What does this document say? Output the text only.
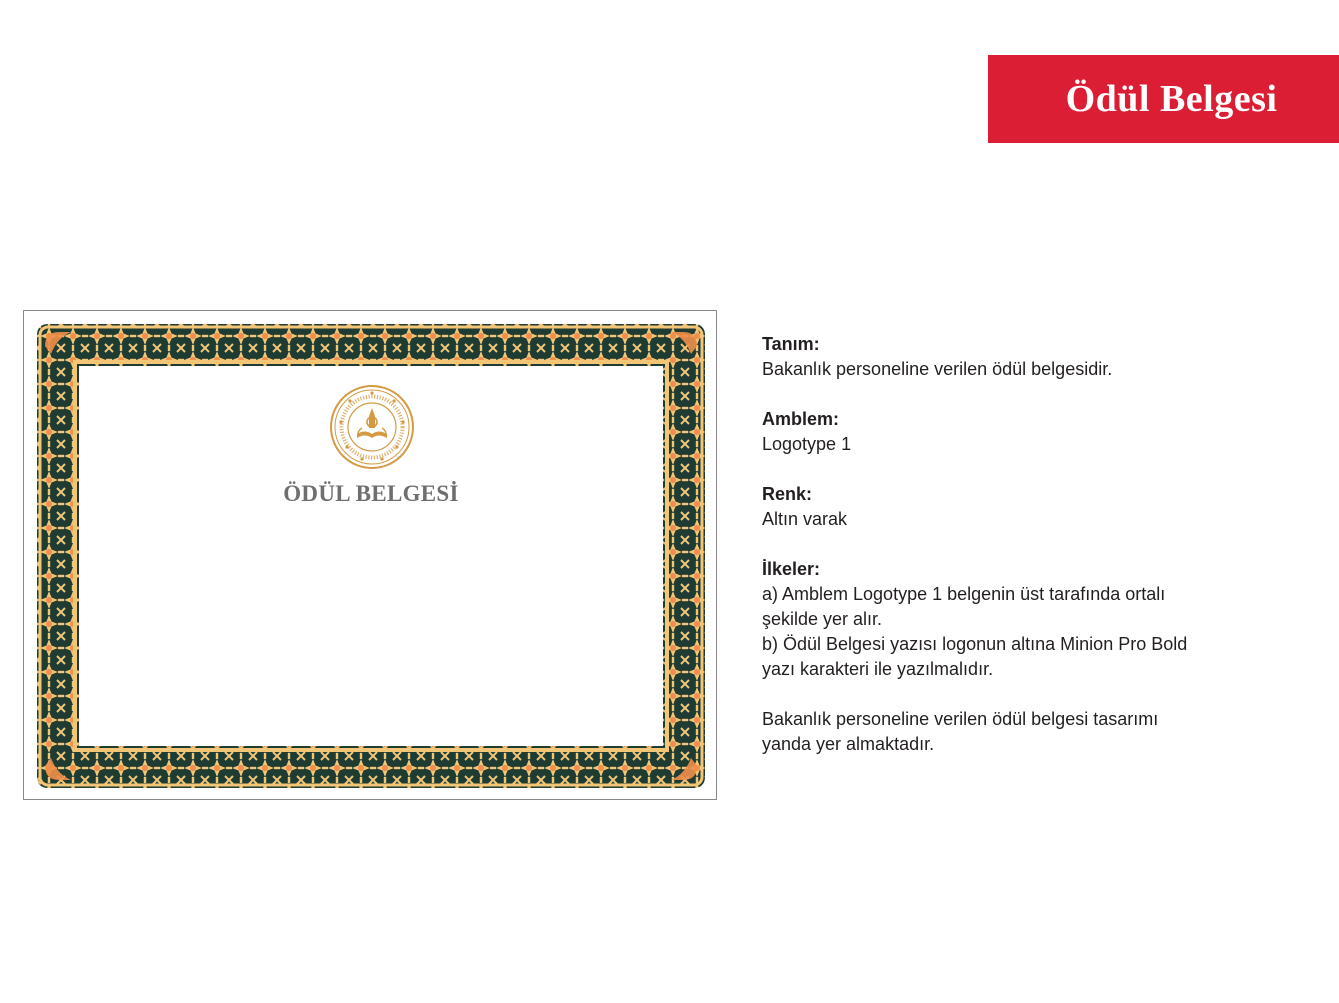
Ödül Belgesi
ÖDÜL BELGESİ

Tanım:

Bakanlık personeline verilen ödül belgesidir.

Amblem:

Logotype 1

Renk:

Altın varak

İlkeler:

a) Amblem Logotype 1 belgenin üst tarafında ortalı

şekilde yer alır.

b) Ödül Belgesi yazısı logonun altına Minion Pro Bold

yazı karakteri ile yazılmalıdır.

Bakanlık personeline verilen ödül belgesi tasarımı

yanda yer almaktadır.
